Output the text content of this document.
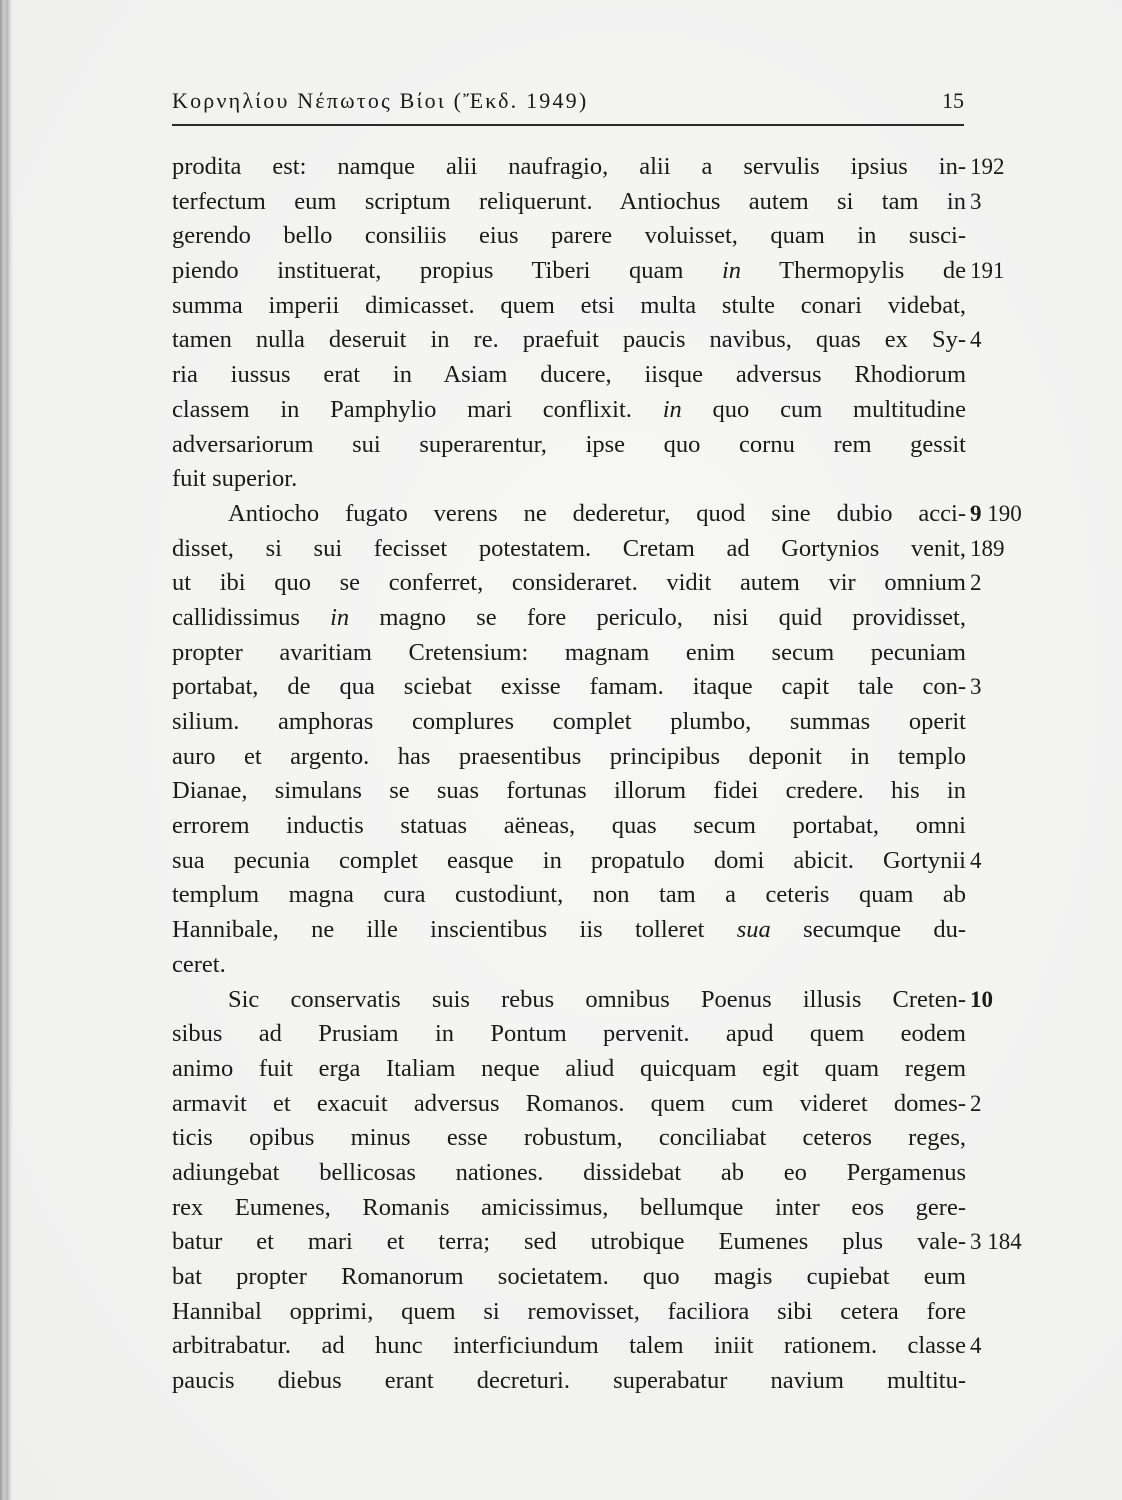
Κορνηλίου Νέπωτος Βίοι (Ἔκδ. 1949)	15
prodita est: namque alii naufragio, alii a servulis ipsius in- 192
terfectum eum scriptum reliquerunt. Antiochus autem si tam in 3
gerendo bello consiliis eius parere voluisset, quam in susci-
piendo instituerat, propius Tiberi quam in Thermopylis de 191
summa imperii dimicasset. quem etsi multa stulte conari videbat,
tamen nulla deseruit in re. praefuit paucis navibus, quas ex Sy- 4
ria iussus erat in Asiam ducere, iisque adversus Rhodiorum
classem in Pamphylio mari conflixit. in quo cum multitudine
adversariorum sui superarentur, ipse quo cornu rem gessit
fuit superior.
Antiocho fugato verens ne dederetur, quod sine dubio acci- 9 190
disset, si sui fecisset potestatem. Cretam ad Gortynios venit, 189
ut ibi quo se conferret, consideraret. vidit autem vir omnium 2
callidissimus in magno se fore periculo, nisi quid providisset,
propter avaritiam Cretensium: magnam enim secum pecuniam
portabat, de qua sciebat exisse famam. itaque capit tale con- 3
silium. amphoras complures complet plumbo, summas operit
auro et argento. has praesentibus principibus deponit in templo
Dianae, simulans se suas fortunas illorum fidei credere. his in
errorem inductis statuas aëneas, quas secum portabat, omni
sua pecunia complet easque in propatulo domi abicit. Gortynii 4
templum magna cura custodiunt, non tam a ceteris quam ab
Hannibale, ne ille inscientibus iis tolleret sua secumque du-
ceret.
Sic conservatis suis rebus omnibus Poenus illusis Creten- 10
sibus ad Prusiam in Pontum pervenit. apud quem eodem
animo fuit erga Italiam neque aliud quicquam egit quam regem
armavit et exacuit adversus Romanos. quem cum videret domes- 2
ticis opibus minus esse robustum, conciliabat ceteros reges,
adiungebat bellicosas nationes. dissidebat ab eo Pergamenus
rex Eumenes, Romanis amicissimus, bellumque inter eos gere-
batur et mari et terra; sed utrobique Eumenes plus vale- 3 184
bat propter Romanorum societatem. quo magis cupiebat eum
Hannibal opprimi, quem si removisset, faciliora sibi cetera fore
arbitrabatur. ad hunc interficiundum talem iniit rationem. classe 4
paucis diebus erant decreturi. superabatur navium multitu-
